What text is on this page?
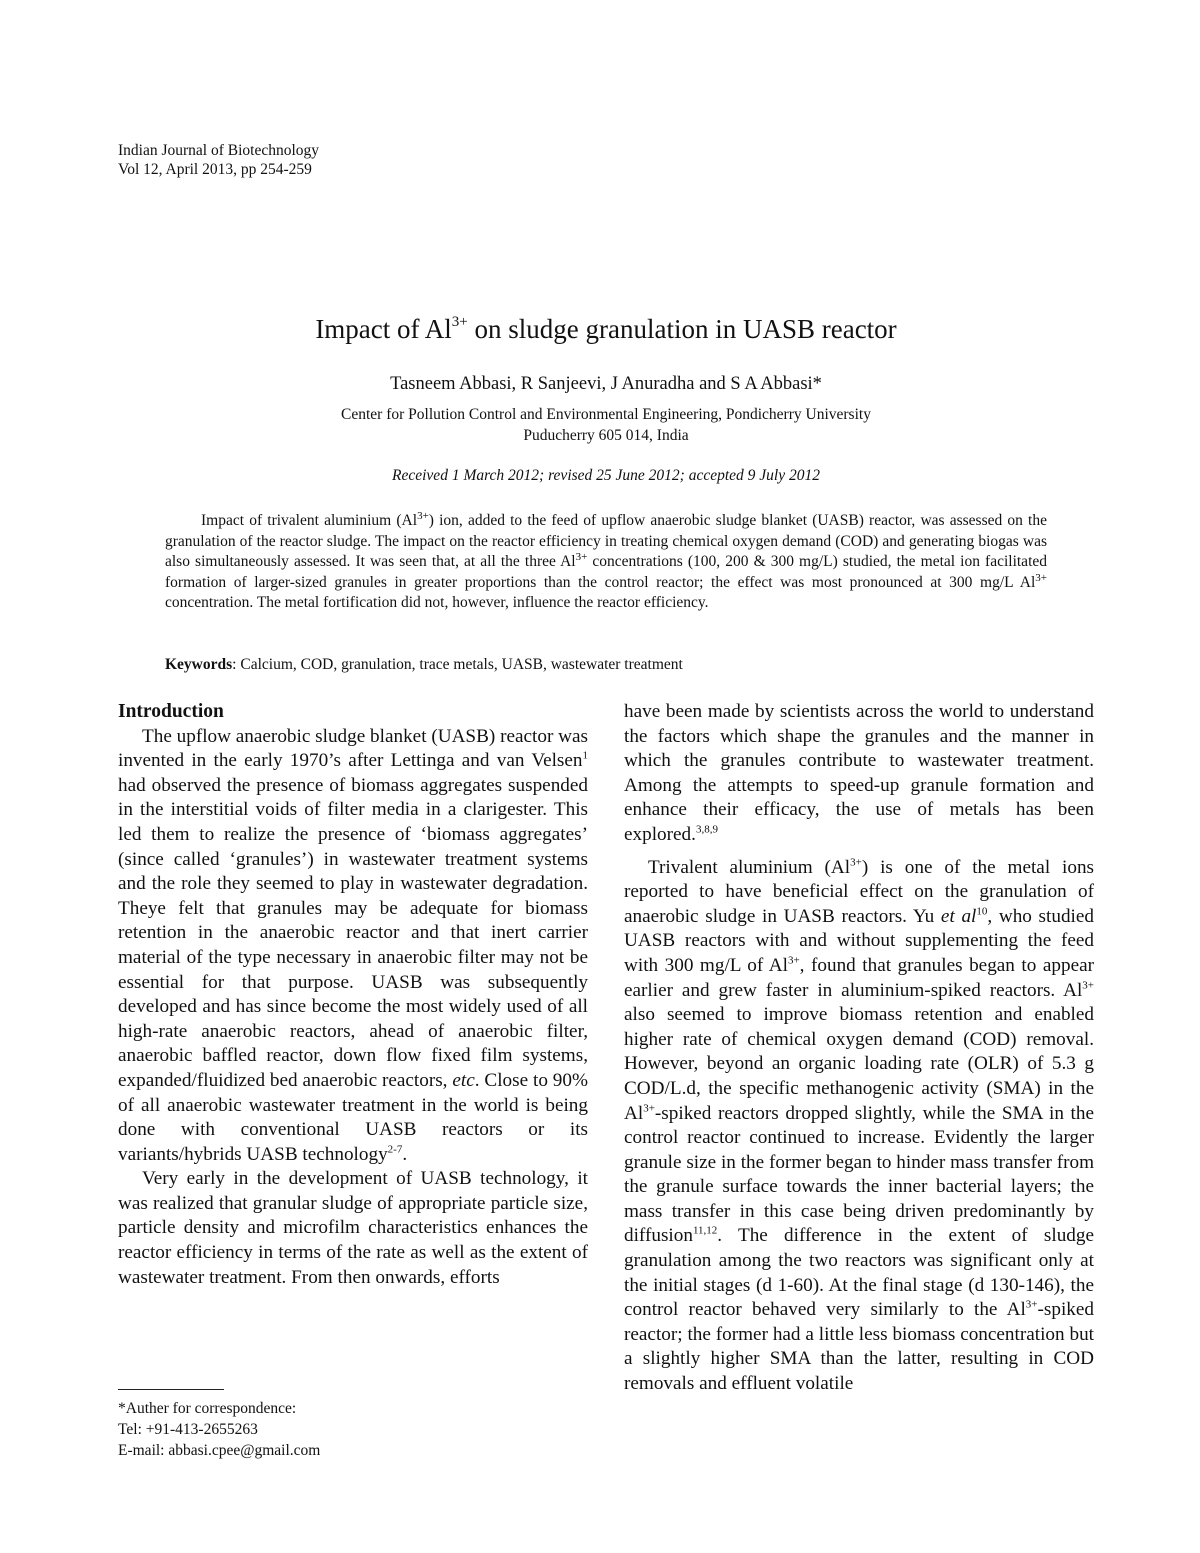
Indian Journal of Biotechnology
Vol 12, April 2013, pp 254-259
Impact of $Al^{3+}$ on sludge granulation in UASB reactor
Tasneem Abbasi, R Sanjeevi, J Anuradha and S A Abbasi*
Center for Pollution Control and Environmental Engineering, Pondicherry University
Puducherry 605 014, India
Received 1 March 2012; revised 25 June 2012; accepted 9 July 2012

Impact of trivalent aluminium $(Al^{3+})$ ion, added to the feed of upflow anaerobic sludge blanket (UASB) reactor, was assessed on the granulation of the reactor sludge. The impact on the reactor efficiency in treating chemical oxygen demand (COD) and generating biogas was also simultaneously assessed. It was seen that, at all the three $Al^{3+}$ concentrations (100, 200 & 300 mg/L) studied, the metal ion facilitated formation of larger-sized granules in greater proportions than the control reactor; the effect was most pronounced at 300 mg/L $Al^{3+}$ concentration. The metal fortification did not, however, influence the reactor efficiency.

Keywords: Calcium, COD, granulation, trace metals, UASB, wastewater treatment

Introduction

The upflow anaerobic sludge blanket (UASB) reactor was invented in the early 1970’s after Lettinga and van Velsen$^1$ had observed the presence of biomass aggregates suspended in the interstitial voids of filter media in a clarigester. This led them to realize the presence of ‘biomass aggregates’ (since called ‘granules’) in wastewater treatment systems and the role they seemed to play in wastewater degradation. Theye felt that granules may be adequate for biomass retention in the anaerobic reactor and that inert carrier material of the type necessary in anaerobic filter may not be essential for that purpose. UASB was subsequently developed and has since become the most widely used of all high-rate anaerobic reactors, ahead of anaerobic filter, anaerobic baffled reactor, down flow fixed film systems, expanded/fluidized bed anaerobic reactors, etc. Close to 90% of all anaerobic wastewater treatment in the world is being done with conventional UASB reactors or its variants/hybrids UASB technology$^{2-7}$.

Very early in the development of UASB technology, it was realized that granular sludge of appropriate particle size, particle density and microfilm characteristics enhances the reactor efficiency in terms of the rate as well as the extent of wastewater treatment. From then onwards, efforts

have been made by scientists across the world to understand the factors which shape the granules and the manner in which the granules contribute to wastewater treatment. Among the attempts to speed-up granule formation and enhance their efficacy, the use of metals has been explored.$^{3,8,9}$

Trivalent aluminium $(Al^{3+})$ is one of the metal ions reported to have beneficial effect on the granulation of anaerobic sludge in UASB reactors. Yu et $al^{10}$, who studied UASB reactors with and without supplementing the feed with 300 mg/L of $Al^{3+}$, found that granules began to appear earlier and grew faster in aluminium-spiked reactors. $Al^{3+}$ also seemed to improve biomass retention and enabled higher rate of chemical oxygen demand (COD) removal. However, beyond an organic loading rate (OLR) of 5.3 g COD/L.d, the specific methanogenic activity (SMA) in the $Al^{3+}$-spiked reactors dropped slightly, while the SMA in the control reactor continued to increase. Evidently the larger granule size in the former began to hinder mass transfer from the granule surface towards the inner bacterial layers; the mass transfer in this case being driven predominantly by diffusion$^{11,12}$. The difference in the extent of sludge granulation among the two reactors was significant only at the initial stages (d 1-60). At the final stage (d 130-146), the control reactor behaved very similarly to the $Al^{3+}$-spiked reactor; the former had a little less biomass concentration but a slightly higher SMA than the latter, resulting in COD removals and effluent volatile

*Auther for correspondence:
Tel: +91-413-2655263
E-mail: abbasi.cpee@gmail.com
